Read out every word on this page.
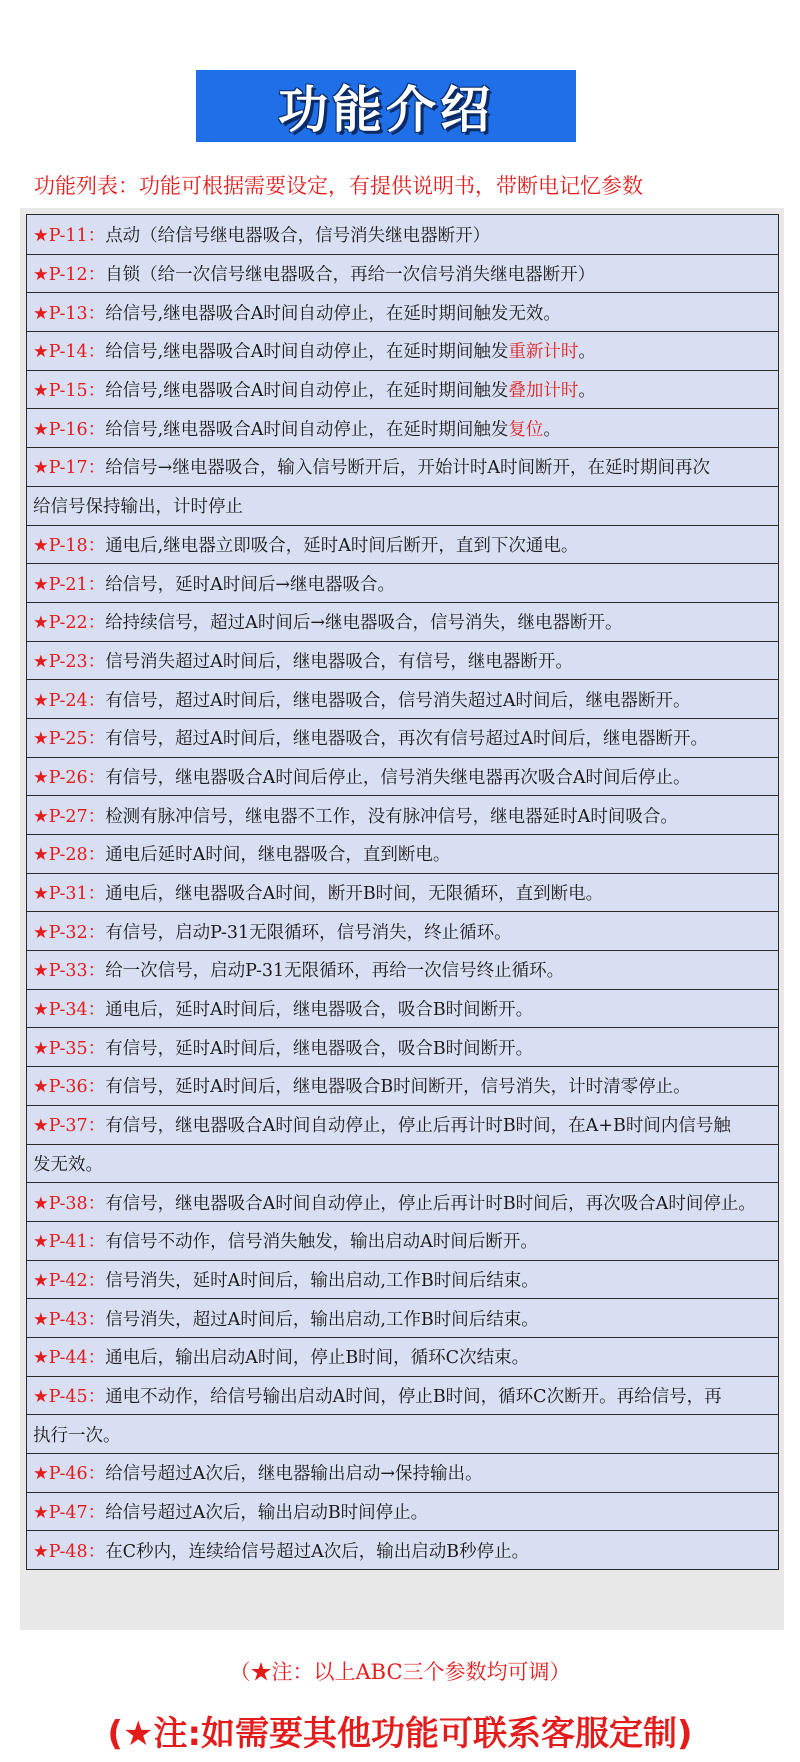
功能介绍
功能列表：功能可根据需要设定，有提供说明书，带断电记忆参数
★P-11： 点动（给信号继电器吸合，信号消失继电器断开）
★P-12： 自锁（给一次信号继电器吸合，再给一次信号消失继电器断开）
★P-13： 给信号,继电器吸合A时间自动停止，在延时期间触发无效。
★P-14： 给信号,继电器吸合A时间自动停止，在延时期间触发 重新计时 。
★P-15： 给信号,继电器吸合A时间自动停止，在延时期间触发 叠加计时 。
★P-16： 给信号,继电器吸合A时间自动停止，在延时期间触发 复位 。
★P-17： 给信号→继电器吸合，输入信号断开后，开始计时A时间断开，在延时期间再次
给信号保持输出，计时停止
★P-18： 通电后,继电器立即吸合，延时A时间后断开，直到下次通电。
★P-21： 给信号，延时A时间后→继电器吸合。
★P-22： 给持续信号，超过A时间后→继电器吸合，信号消失，继电器断开。
★P-23： 信号消失超过A时间后，继电器吸合，有信号，继电器断开。
★P-24： 有信号，超过A时间后，继电器吸合，信号消失超过A时间后，继电器断开。
★P-25： 有信号，超过A时间后，继电器吸合，再次有信号超过A时间后，继电器断开。
★P-26： 有信号，继电器吸合A时间后停止，信号消失继电器再次吸合A时间后停止。
★P-27： 检测有脉冲信号，继电器不工作，没有脉冲信号，继电器延时A时间吸合。
★P-28： 通电后延时A时间，继电器吸合，直到断电。
★P-31： 通电后，继电器吸合A时间，断开B时间，无限循环，直到断电。
★P-32： 有信号，启动P-31无限循环，信号消失，终止循环。
★P-33： 给一次信号，启动P-31无限循环，再给一次信号终止循环。
★P-34： 通电后，延时A时间后，继电器吸合，吸合B时间断开。
★P-35： 有信号，延时A时间后，继电器吸合，吸合B时间断开。
★P-36： 有信号，延时A时间后，继电器吸合B时间断开，信号消失，计时清零停止。
★P-37： 有信号，继电器吸合A时间自动停止，停止后再计时B时间，在A+B时间内信号触
发无效。
★P-38： 有信号，继电器吸合A时间自动停止，停止后再计时B时间后，再次吸合A时间停止。
★P-41： 有信号不动作，信号消失触发，输出启动A时间后断开。
★P-42： 信号消失，延时A时间后，输出启动,工作B时间后结束。
★P-43： 信号消失，超过A时间后，输出启动,工作B时间后结束。
★P-44： 通电后，输出启动A时间，停止B时间，循环C次结束。
★P-45： 通电不动作，给信号输出启动A时间，停止B时间，循环C次断开。再给信号，再
执行一次。
★P-46： 给信号超过A次后，继电器输出启动→保持输出。
★P-47： 给信号超过A次后，输出启动B时间停止。
★P-48： 在C秒内，连续给信号超过A次后，输出启动B秒停止。
（★注：以上ABC三个参数均可调）
(★注:如需要其他功能可联系客服定制)
